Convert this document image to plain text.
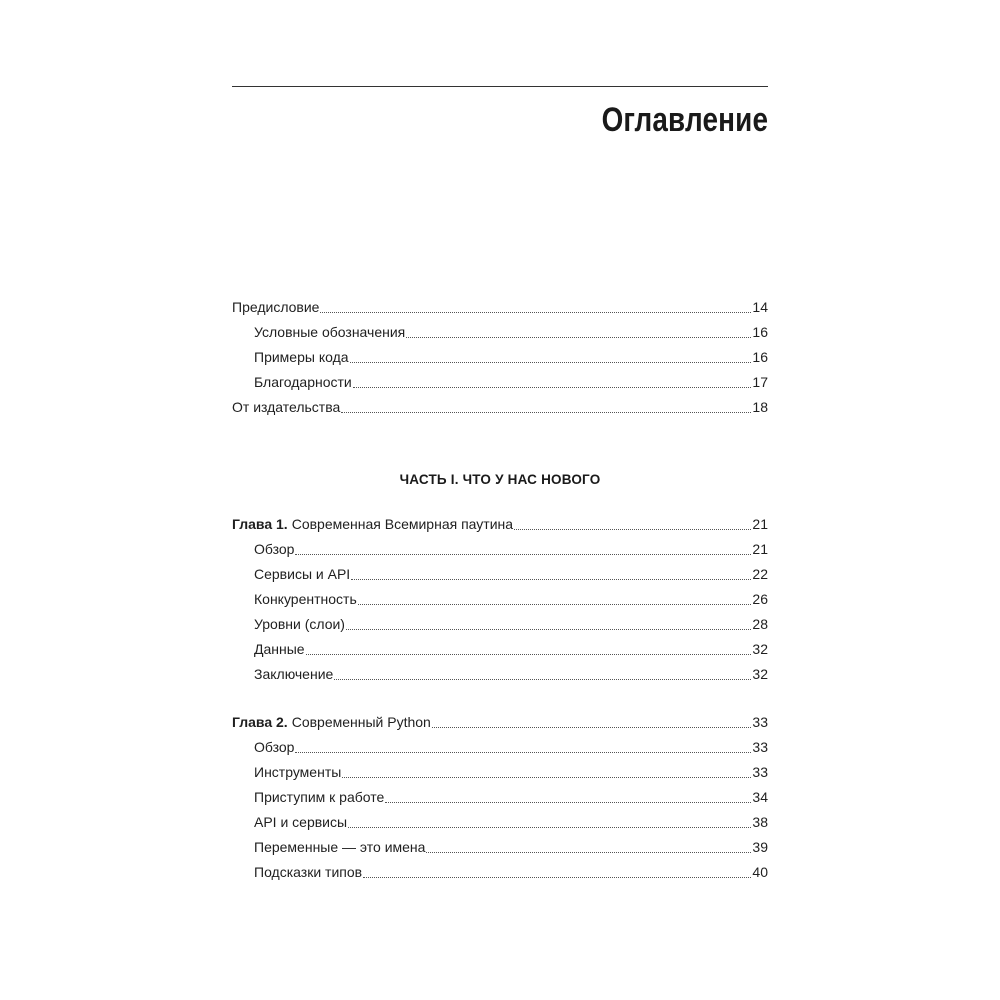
Оглавление
Предисловие	14
Условные обозначения	16
Примеры кода	16
Благодарности	17
От издательства	18
ЧАСТЬ I. ЧТО У НАС НОВОГО
Глава 1. Современная Всемирная паутина	21
Обзор	21
Сервисы и API	22
Конкурентность	26
Уровни (слои)	28
Данные	32
Заключение	32
Глава 2. Современный Python	33
Обзор	33
Инструменты	33
Приступим к работе	34
API и сервисы	38
Переменные — это имена	39
Подсказки типов	40
